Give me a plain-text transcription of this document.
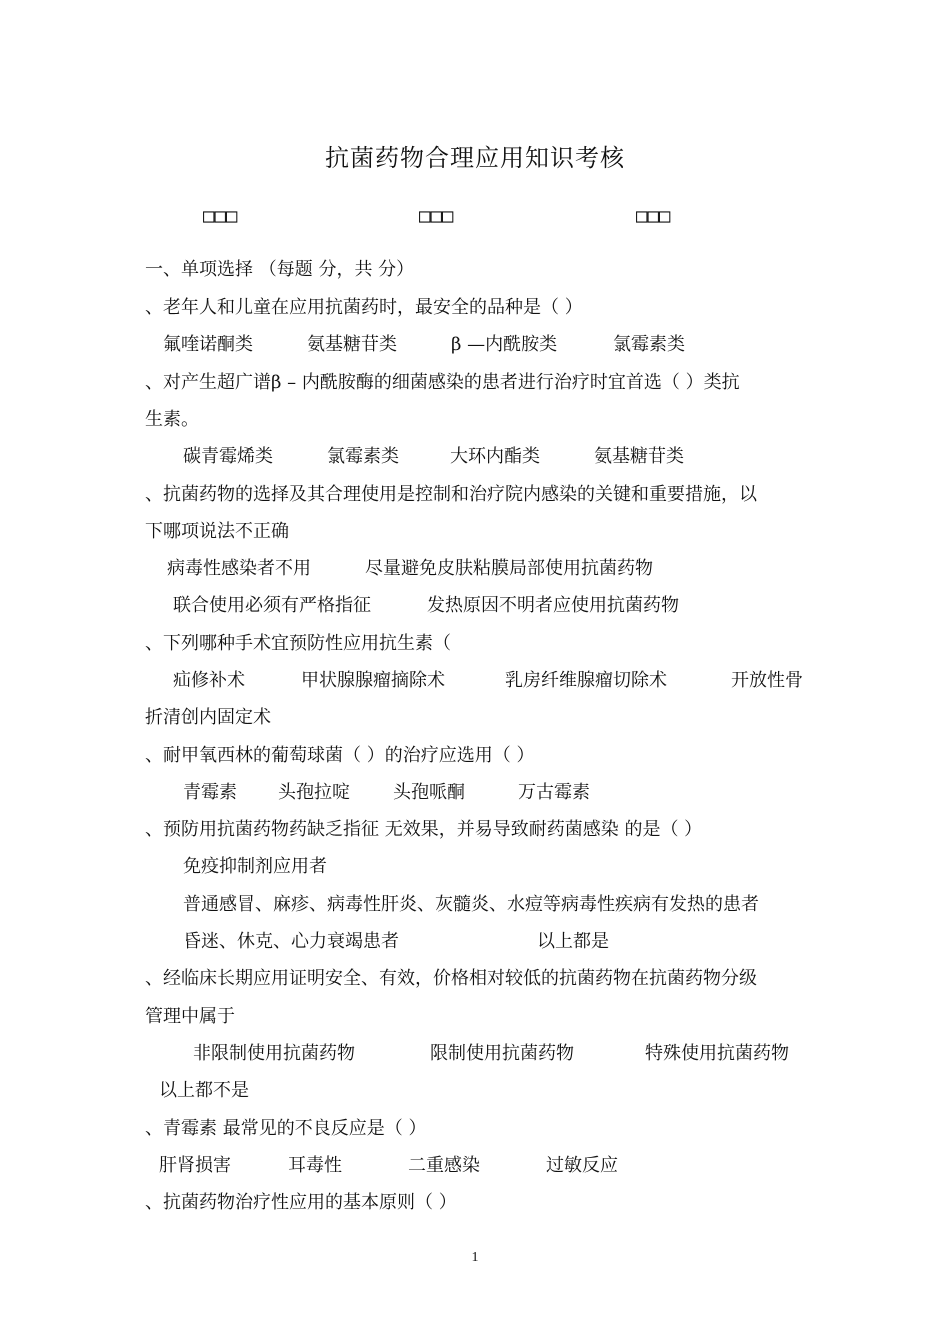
抗菌药物合理应用知识考核
□□□	□□□	□□□
一、单项选择 （每题 分，共 分）
、老年人和儿童在应用抗菌药时，最安全的品种是（ ）
氟喹诺酮类	氨基糖苷类	β —内酰胺类	氯霉素类
、对产生超广谱β – 内酰胺酶的细菌感染的患者进行治疗时宜首选（ ）类抗
生素。
碳青霉烯类	氯霉素类	大环内酯类	氨基糖苷类
、抗菌药物的选择及其合理使用是控制和治疗院内感染的关键和重要措施，以
下哪项说法不正确
病毒性感染者不用	尽量避免皮肤粘膜局部使用抗菌药物
联合使用必须有严格指征	发热原因不明者应使用抗菌药物
、下列哪种手术宜预防性应用抗生素（
疝修补术	甲状腺腺瘤摘除术	乳房纤维腺瘤切除术	开放性骨
折清创内固定术
、耐甲氧西林的葡萄球菌（ ）的治疗应选用（ ）
青霉素 头孢拉啶 头孢哌酮	万古霉素
、预防用抗菌药物药缺乏指征 无效果，并易导致耐药菌感染 的是（ ）
免疫抑制剂应用者
普通感冒、麻疹、病毒性肝炎、灰髓炎、水痘等病毒性疾病有发热的患者
昏迷、休克、心力衰竭患者	以上都是
、经临床长期应用证明安全、有效，价格相对较低的抗菌药物在抗菌药物分级
管理中属于
非限制使用抗菌药物	限制使用抗菌药物	特殊使用抗菌药物
以上都不是
、青霉素 最常见的不良反应是（ ）
肝肾损害	耳毒性	二重感染	过敏反应
、抗菌药物治疗性应用的基本原则（ ）
1
